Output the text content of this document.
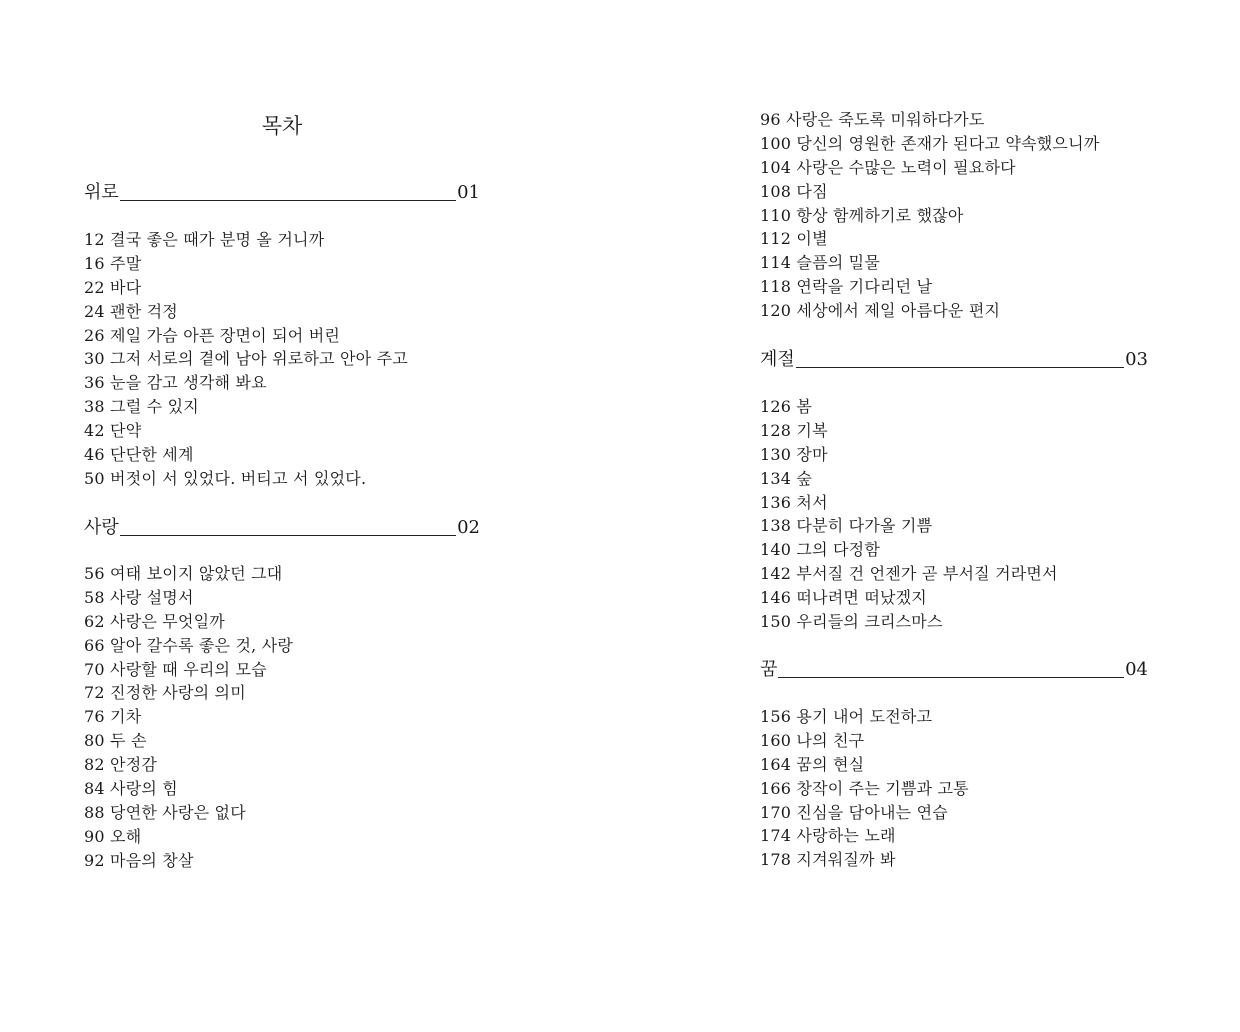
목차
위로	01
12 결국 좋은 때가 분명 올 거니까
16 주말
22 바다
24 괜한 걱정
26 제일 가슴 아픈 장면이 되어 버린
30 그저 서로의 곁에 남아 위로하고 안아 주고
36 눈을 감고 생각해 봐요
38 그럴 수 있지
42 단약
46 단단한 세계
50 버젓이 서 있었다. 버티고 서 있었다.
사랑	02
56 여태 보이지 않았던 그대
58 사랑 설명서
62 사랑은 무엇일까
66 알아 갈수록 좋은 것, 사랑
70 사랑할 때 우리의 모습
72 진정한 사랑의 의미
76 기차
80 두 손
82 안정감
84 사랑의 힘
88 당연한 사랑은 없다
90 오해
92 마음의 창살
96 사랑은 죽도록 미워하다가도
100 당신의 영원한 존재가 된다고 약속했으니까
104 사랑은 수많은 노력이 필요하다
108 다짐
110 항상 함께하기로 했잖아
112 이별
114 슬픔의 밀물
118 연락을 기다리던 날
120 세상에서 제일 아름다운 편지
계절	03
126 봄
128 기복
130 장마
134 숲
136 처서
138 다분히 다가올 기쁨
140 그의 다정함
142 부서질 건 언젠가 곧 부서질 거라면서
146 떠나려면 떠났겠지
150 우리들의 크리스마스
꿈	04
156 용기 내어 도전하고
160 나의 친구
164 꿈의 현실
166 창작이 주는 기쁨과 고통
170 진심을 담아내는 연습
174 사랑하는 노래
178 지겨워질까 봐
